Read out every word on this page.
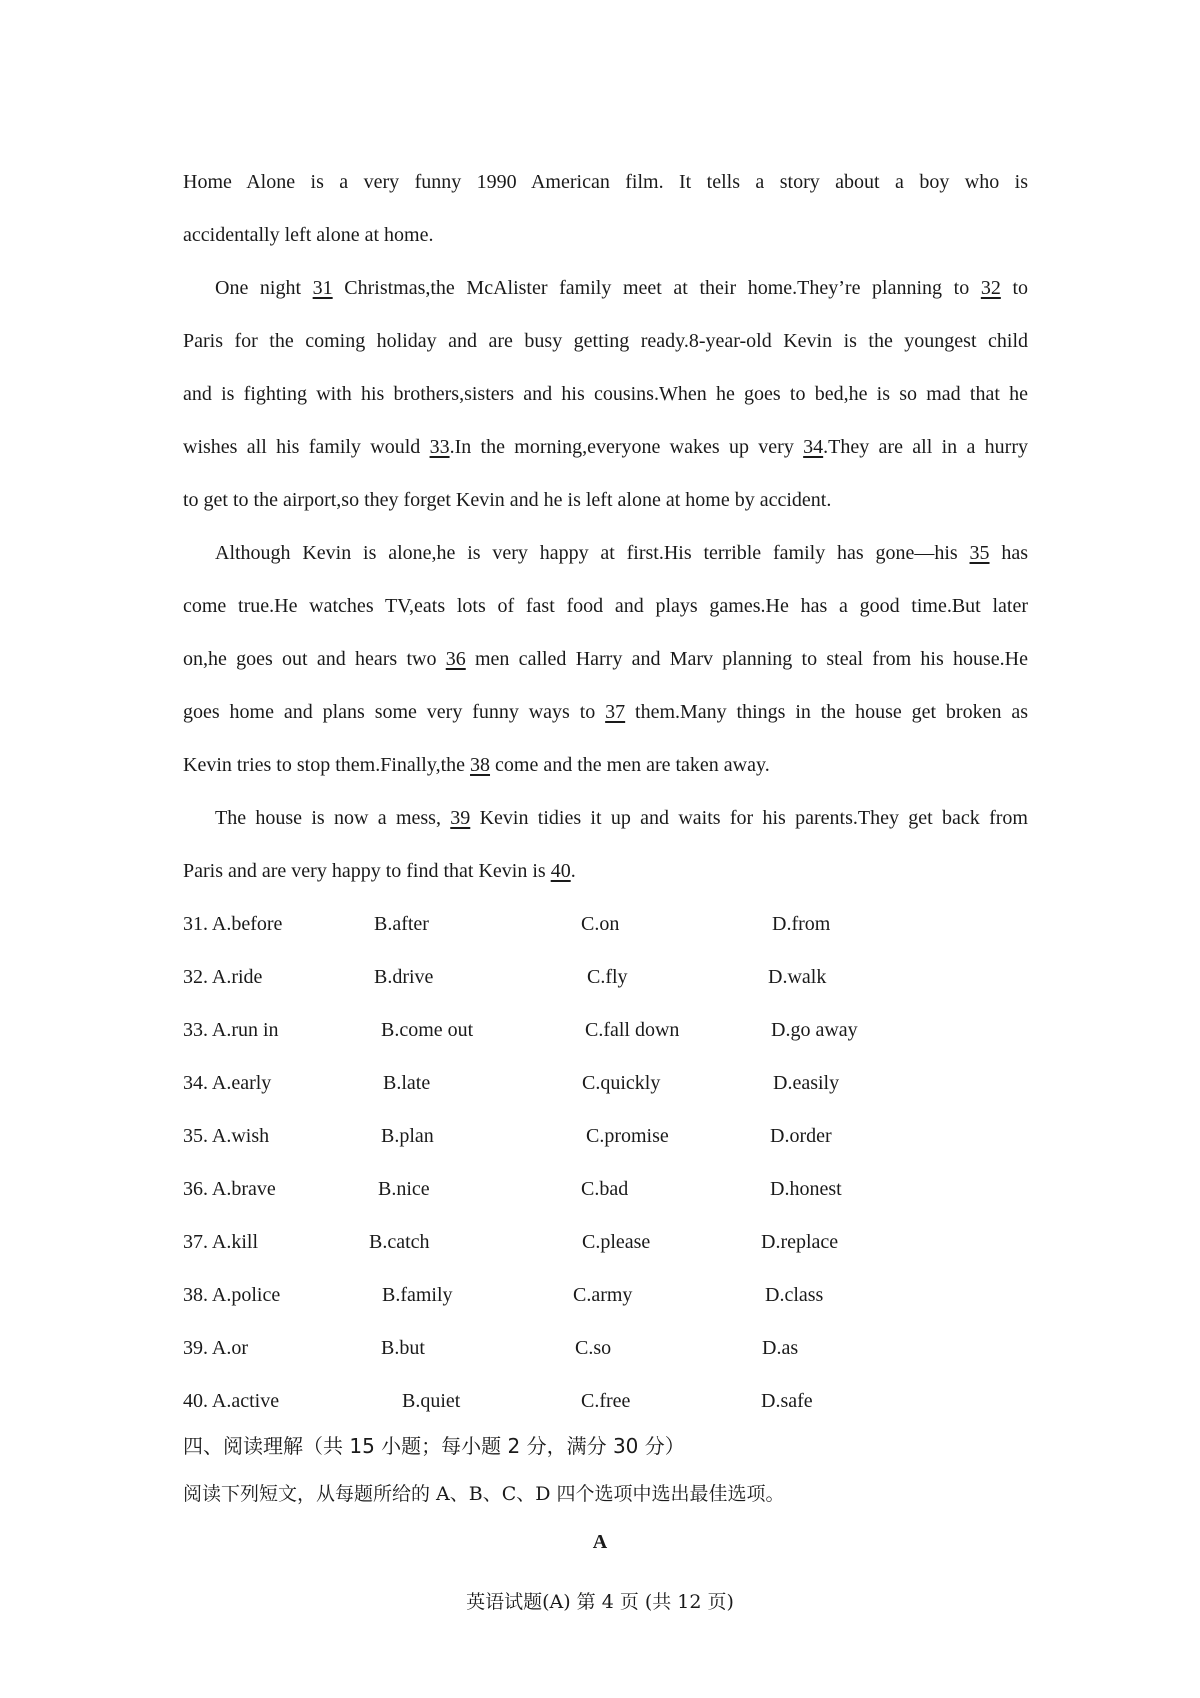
Home Alone is a very funny 1990 American film. It tells a story about a boy who is
accidentally left alone at home.
One night 31 Christmas,the McAlister family meet at their home.They’re planning to 32 to
Paris for the coming holiday and are busy getting ready.8-year-old Kevin is the youngest child
and is fighting with his brothers,sisters and his cousins.When he goes to bed,he is so mad that he
wishes all his family would 33.In the morning,everyone wakes up very 34.They are all in a hurry
to get to the airport,so they forget Kevin and he is left alone at home by accident.
Although Kevin is alone,he is very happy at first.His terrible family has gone—his 35 has
come true.He watches TV,eats lots of fast food and plays games.He has a good time.But later
on,he goes out and hears two 36 men called Harry and Marv planning to steal from his house.He
goes home and plans some very funny ways to 37 them.Many things in the house get broken as
Kevin tries to stop them.Finally,the 38 come and the men are taken away.
The house is now a mess, 39 Kevin tidies it up and waits for his parents.They get back from
Paris and are very happy to find that Kevin is 40.
31. A.before	B.after	C.on	D.from
32. A.ride	B.drive	C.fly	D.walk
33. A.run in	B.come out	C.fall down	D.go away
34. A.early	B.late	C.quickly	D.easily
35. A.wish	B.plan	C.promise	D.order
36. A.brave	B.nice	C.bad	D.honest
37. A.kill	B.catch	C.please	D.replace
38. A.police	B.family	C.army	D.class
39. A.or	B.but	C.so	D.as
40. A.active	B.quiet	C.free	D.safe
四、阅读理解（共 15 小题；每小题 2 分，满分 30 分）
阅读下列短文，从每题所给的 A、B、C、D 四个选项中选出最佳选项。
A
英语试题(A) 第 4 页 (共 12 页)
